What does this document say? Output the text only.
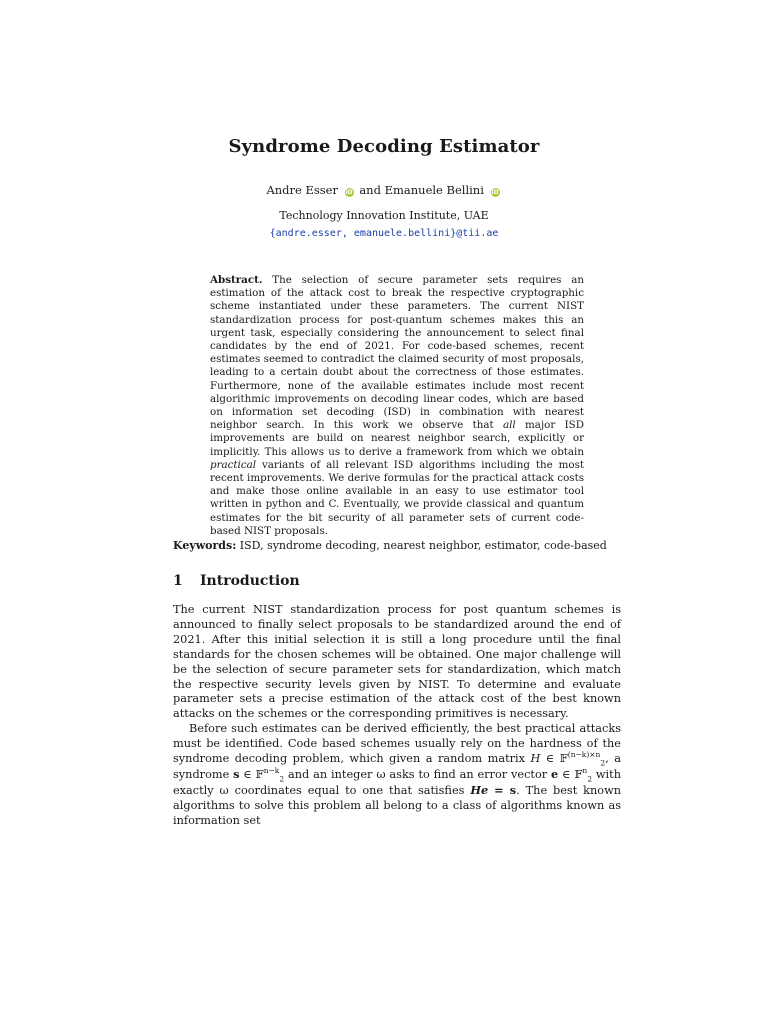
Syndrome Decoding Estimator
Andre Esser iD and Emanuele Bellini iD
Technology Innovation Institute, UAE
{andre.esser, emanuele.bellini}@tii.ae
Abstract. The selection of secure parameter sets requires an estimation of the attack cost to break the respective cryptographic scheme instantiated under these parameters. The current NIST standardization process for post-quantum schemes makes this an urgent task, especially considering the announcement to select final candidates by the end of 2021. For code-based schemes, recent estimates seemed to contradict the claimed security of most proposals, leading to a certain doubt about the correctness of those estimates. Furthermore, none of the available estimates include most recent algorithmic improvements on decoding linear codes, which are based on information set decoding (ISD) in combination with nearest neighbor search. In this work we observe that all major ISD improvements are build on nearest neighbor search, explicitly or implicitly. This allows us to derive a framework from which we obtain practical variants of all relevant ISD algorithms including the most recent improvements. We derive formulas for the practical attack costs and make those online available in an easy to use estimator tool written in python and C. Eventually, we provide classical and quantum estimates for the bit security of all parameter sets of current code-based NIST proposals.
Keywords: ISD, syndrome decoding, nearest neighbor, estimator, code-based
1 Introduction

The current NIST standardization process for post quantum schemes is announced to finally select proposals to be standardized around the end of 2021. After this initial selection it is still a long procedure until the final standards for the chosen schemes will be obtained. One major challenge will be the selection of secure parameter sets for standardization, which match the respective security levels given by NIST. To determine and evaluate parameter sets a precise estimation of the attack cost of the best known attacks on the schemes or the corresponding primitives is necessary.

Before such estimates can be derived efficiently, the best practical attacks must be identified. Code based schemes usually rely on the hardness of the syndrome decoding problem, which given a random matrix H ∈ 𝔽$^{(n-k)\times n}_2$, a syndrome s ∈ 𝔽$^{n-k}_2$ and an integer ω asks to find an error vector e ∈ 𝔽$^n_2$ with exactly ω coordinates equal to one that satisfies He = s. The best known algorithms to solve this problem all belong to a class of algorithms known as information set
